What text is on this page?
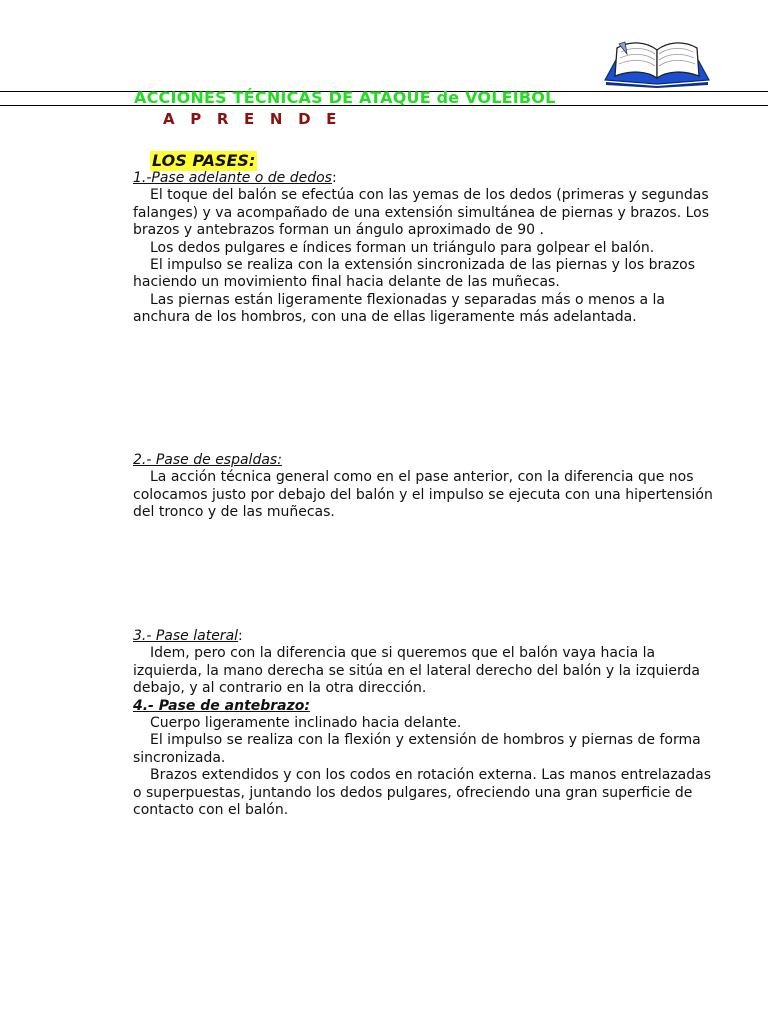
ACCIONES TÉCNICAS DE ATAQUE de VOLEIBOL
A P R E N D E
LOS PASES:

1.-Pase adelante o de dedos:

El toque del balón se efectúa con las yemas de los dedos (primeras y segundas falanges) y va acompañado de una extensión simultánea de piernas y brazos. Los brazos y antebrazos forman un ángulo aproximado de 90 .

Los dedos pulgares e índices forman un triángulo para golpear el balón.

El impulso se realiza con la extensión sincronizada de las piernas y los brazos haciendo un movimiento final hacia delante de las muñecas.

Las piernas están ligeramente flexionadas y separadas más o menos a la anchura de los hombros, con una de ellas ligeramente más adelantada.

2.- Pase de espaldas:

La acción técnica general como en el pase anterior, con la diferencia que nos colocamos justo por debajo del balón y el impulso se ejecuta con una hipertensión del tronco y de las muñecas.

3.- Pase lateral:

Idem, pero con la diferencia que si queremos que el balón vaya hacia la izquierda, la mano derecha se sitúa en el lateral derecho del balón y la izquierda debajo, y al contrario en la otra dirección.

4.- Pase de antebrazo:

Cuerpo ligeramente inclinado hacia delante.

El impulso se realiza con la flexión y extensión de hombros y piernas de forma sincronizada.

Brazos extendidos y con los codos en rotación externa. Las manos entrelazadas o superpuestas, juntando los dedos pulgares, ofreciendo una gran superficie de contacto con el balón.
